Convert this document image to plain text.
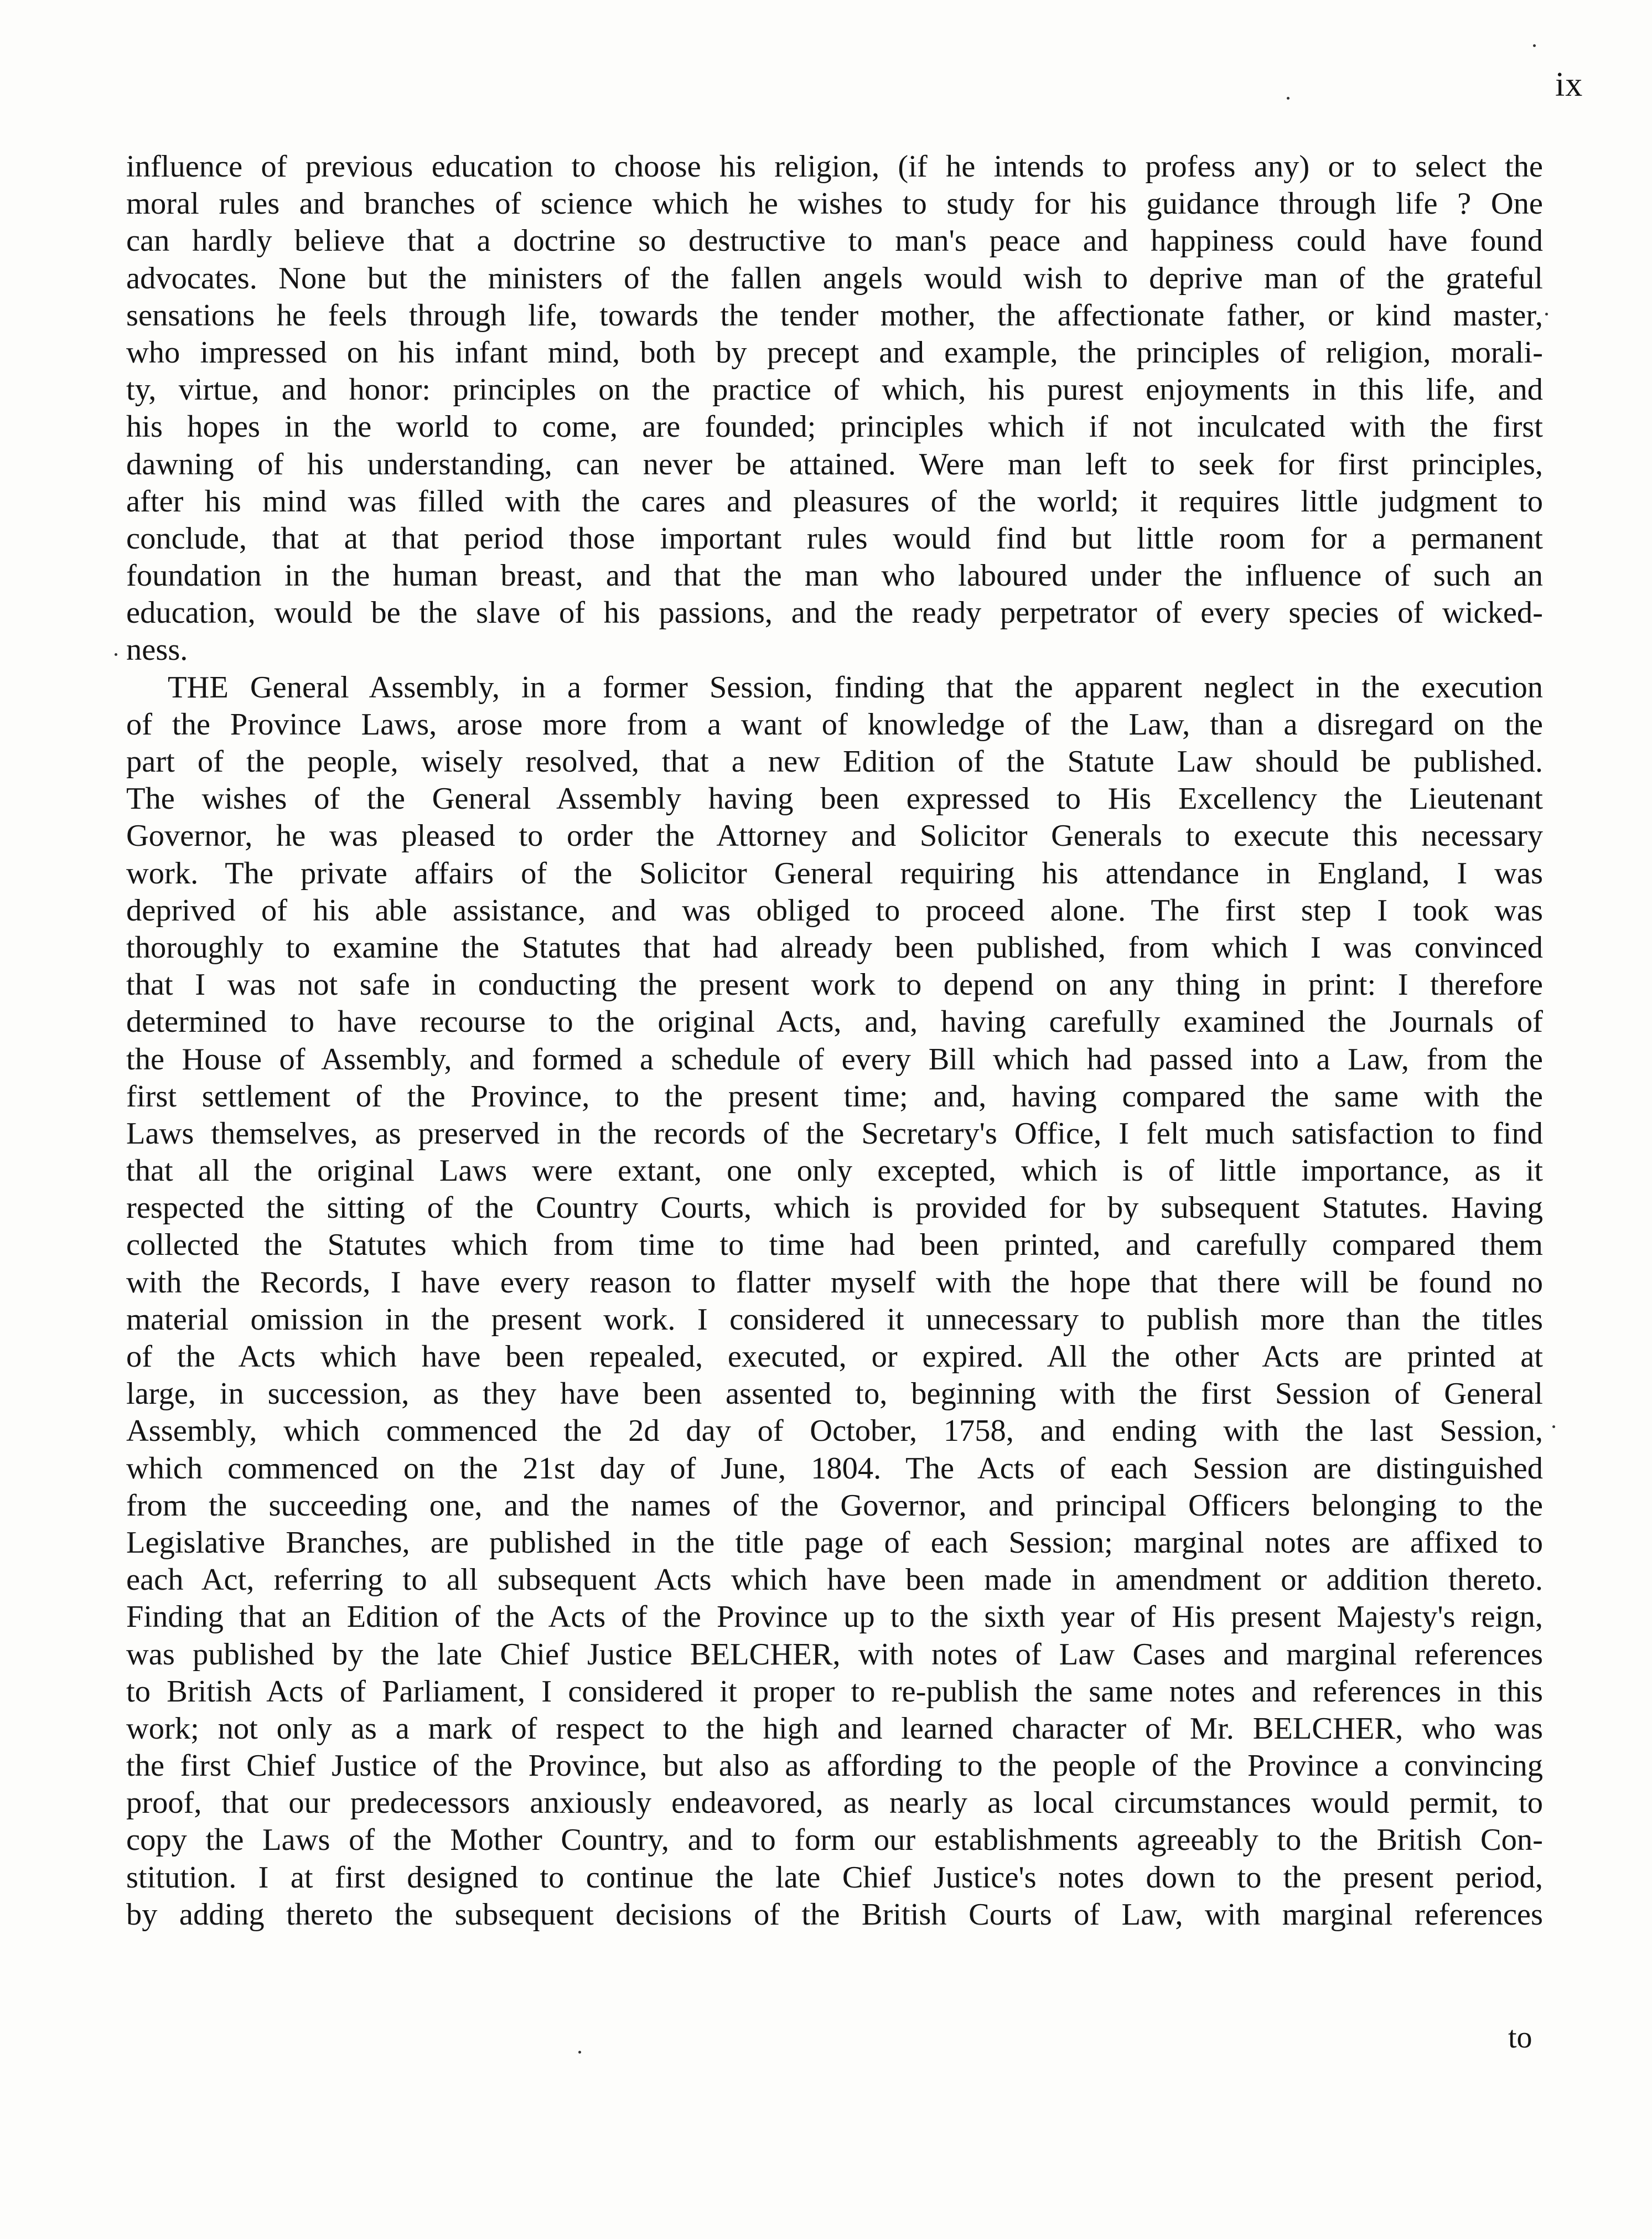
ix
influence of previous education to choose his religion, (if he intends to profess any) or to select the
moral rules and branches of science which he wishes to study for his guidance through life ? One
can hardly believe that a doctrine so destructive to man's peace and happiness could have found
advocates. None but the ministers of the fallen angels would wish to deprive man of the grateful
sensations he feels through life, towards the tender mother, the affectionate father, or kind master,
who impressed on his infant mind, both by precept and example, the principles of religion, morali-
ty, virtue, and honor: principles on the practice of which, his purest enjoyments in this life, and
his hopes in the world to come, are founded; principles which if not inculcated with the first
dawning of his understanding, can never be attained. Were man left to seek for first principles,
after his mind was filled with the cares and pleasures of the world; it requires little judgment to
conclude, that at that period those important rules would find but little room for a permanent
foundation in the human breast, and that the man who laboured under the influence of such an
education, would be the slave of his passions, and the ready perpetrator of every species of wicked-
ness.
THE General Assembly, in a former Session, finding that the apparent neglect in the execution
of the Province Laws, arose more from a want of knowledge of the Law, than a disregard on the
part of the people, wisely resolved, that a new Edition of the Statute Law should be published.
The wishes of the General Assembly having been expressed to His Excellency the Lieutenant
Governor, he was pleased to order the Attorney and Solicitor Generals to execute this necessary
work. The private affairs of the Solicitor General requiring his attendance in England, I was
deprived of his able assistance, and was obliged to proceed alone. The first step I took was
thoroughly to examine the Statutes that had already been published, from which I was convinced
that I was not safe in conducting the present work to depend on any thing in print: I therefore
determined to have recourse to the original Acts, and, having carefully examined the Journals of
the House of Assembly, and formed a schedule of every Bill which had passed into a Law, from the
first settlement of the Province, to the present time; and, having compared the same with the
Laws themselves, as preserved in the records of the Secretary's Office, I felt much satisfaction to find
that all the original Laws were extant, one only excepted, which is of little importance, as it
respected the sitting of the Country Courts, which is provided for by subsequent Statutes. Having
collected the Statutes which from time to time had been printed, and carefully compared them
with the Records, I have every reason to flatter myself with the hope that there will be found no
material omission in the present work. I considered it unnecessary to publish more than the titles
of the Acts which have been repealed, executed, or expired. All the other Acts are printed at
large, in succession, as they have been assented to, beginning with the first Session of General
Assembly, which commenced the 2d day of October, 1758, and ending with the last Session,
which commenced on the 21st day of June, 1804. The Acts of each Session are distinguished
from the succeeding one, and the names of the Governor, and principal Officers belonging to the
Legislative Branches, are published in the title page of each Session; marginal notes are affixed to
each Act, referring to all subsequent Acts which have been made in amendment or addition thereto.
Finding that an Edition of the Acts of the Province up to the sixth year of His present Majesty's reign,
was published by the late Chief Justice BELCHER, with notes of Law Cases and marginal references
to British Acts of Parliament, I considered it proper to re-publish the same notes and references in this
work; not only as a mark of respect to the high and learned character of Mr. BELCHER, who was
the first Chief Justice of the Province, but also as affording to the people of the Province a convincing
proof, that our predecessors anxiously endeavored, as nearly as local circumstances would permit, to
copy the Laws of the Mother Country, and to form our establishments agreeably to the British Con-
stitution. I at first designed to continue the late Chief Justice's notes down to the present period,
by adding thereto the subsequent decisions of the British Courts of Law, with marginal references
to
